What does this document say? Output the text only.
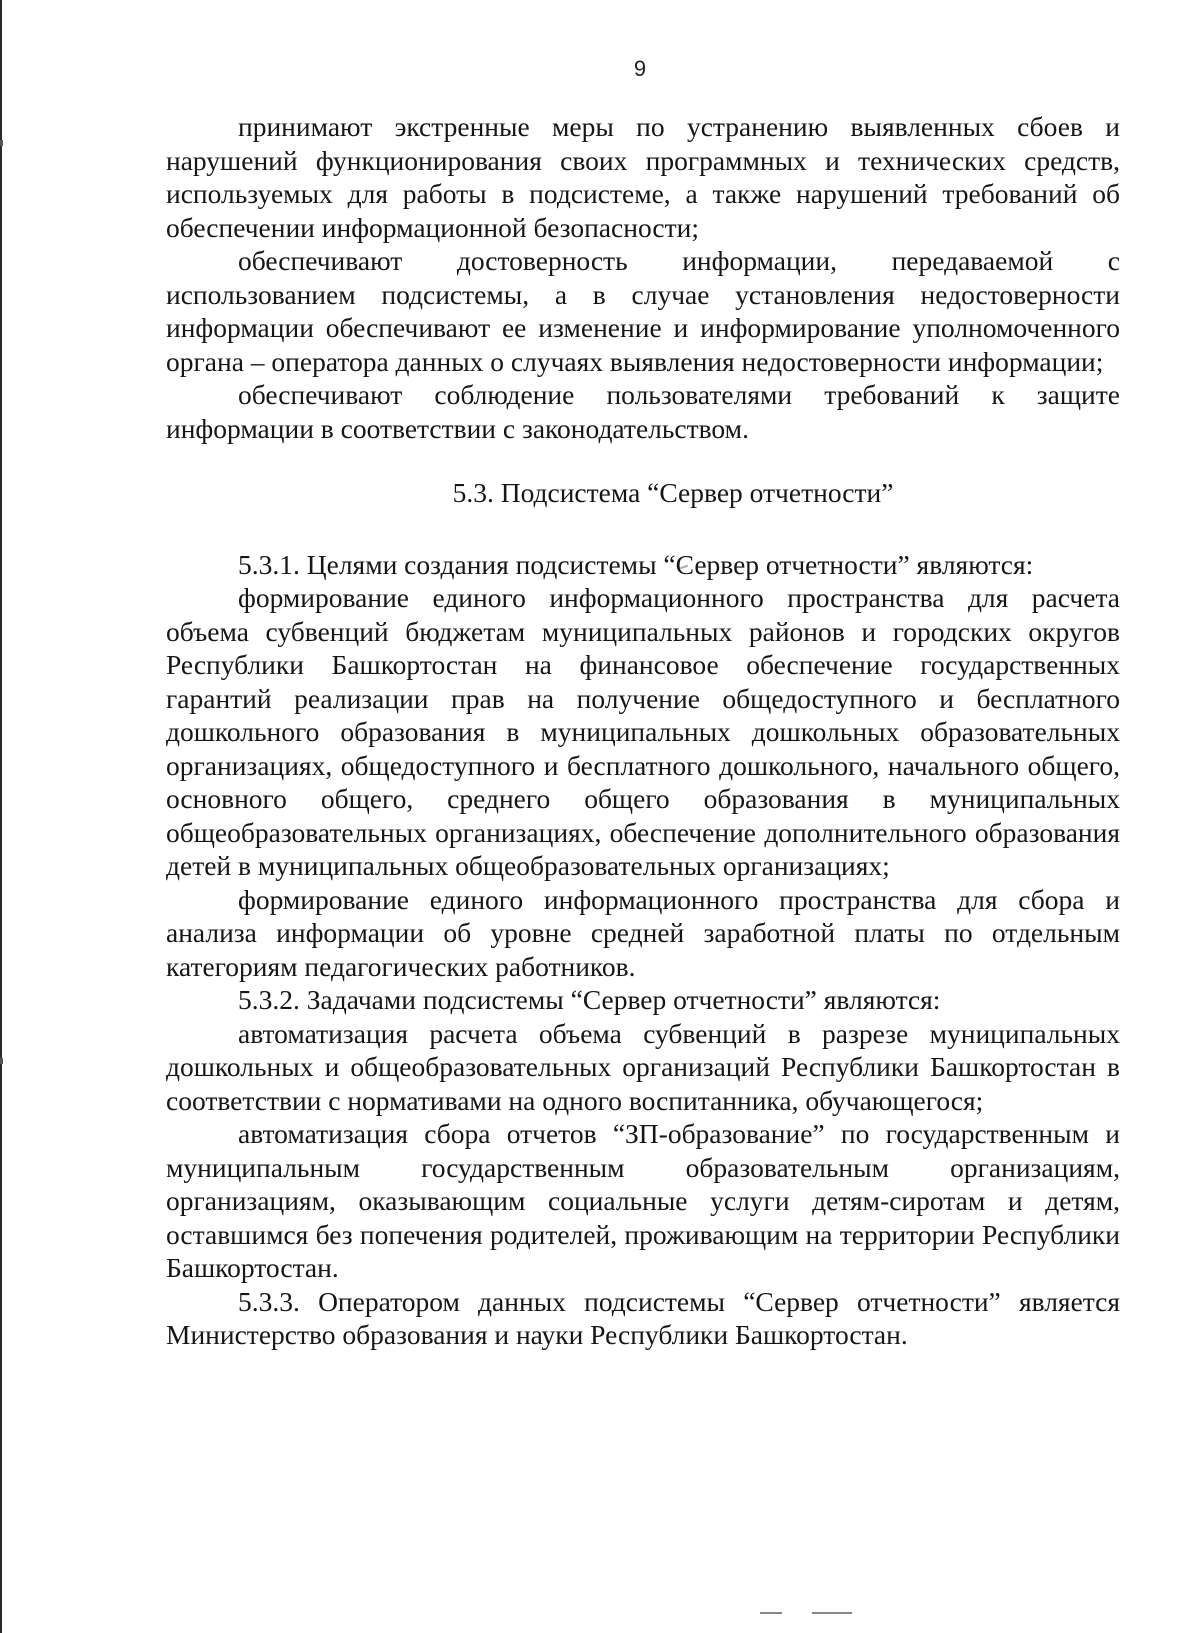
9

принимают экстренные меры по устранению выявленных сбоев и нарушений функционирования своих программных и технических средств, используемых для работы в подсистеме, а также нарушений требований об обеспечении информационной безопасности;

обеспечивают достоверность информации, передаваемой с использованием подсистемы, а в случае установления недостоверности информации обеспечивают ее изменение и информирование уполномоченного органа – оператора данных о случаях выявления недостоверности информации;

обеспечивают соблюдение пользователями требований к защите информации в соответствии с законодательством.

5.3. Подсистема “Сервер отчетности”

5.3.1. Целями создания подсистемы “Сервер отчетности” являются:

формирование единого информационного пространства для расчета объема субвенций бюджетам муниципальных районов и городских округов Республики Башкортостан на финансовое обеспечение государственных гарантий реализации прав на получение общедоступного и бесплатного дошкольного образования в муниципальных дошкольных образовательных организациях, общедоступного и бесплатного дошкольного, начального общего, основного общего, среднего общего образования в муниципальных общеобразовательных организациях, обеспечение дополнительного образования детей в муниципальных общеобразовательных организациях;

формирование единого информационного пространства для сбора и анализа информации об уровне средней заработной платы по отдельным категориям педагогических работников.

5.3.2. Задачами подсистемы “Сервер отчетности” являются:

автоматизация расчета объема субвенций в разрезе муниципальных дошкольных и общеобразовательных организаций Республики Башкортостан в соответствии с нормативами на одного воспитанника, обучающегося;

автоматизация сбора отчетов “ЗП-образование” по государственным и муниципальным государственным образовательным организациям, организациям, оказывающим социальные услуги детям-сиротам и детям, оставшимся без попечения родителей, проживающим на территории Республики Башкортостан.

5.3.3. Оператором данных подсистемы “Сервер отчетности” является Министерство образования и науки Республики Башкортостан.
